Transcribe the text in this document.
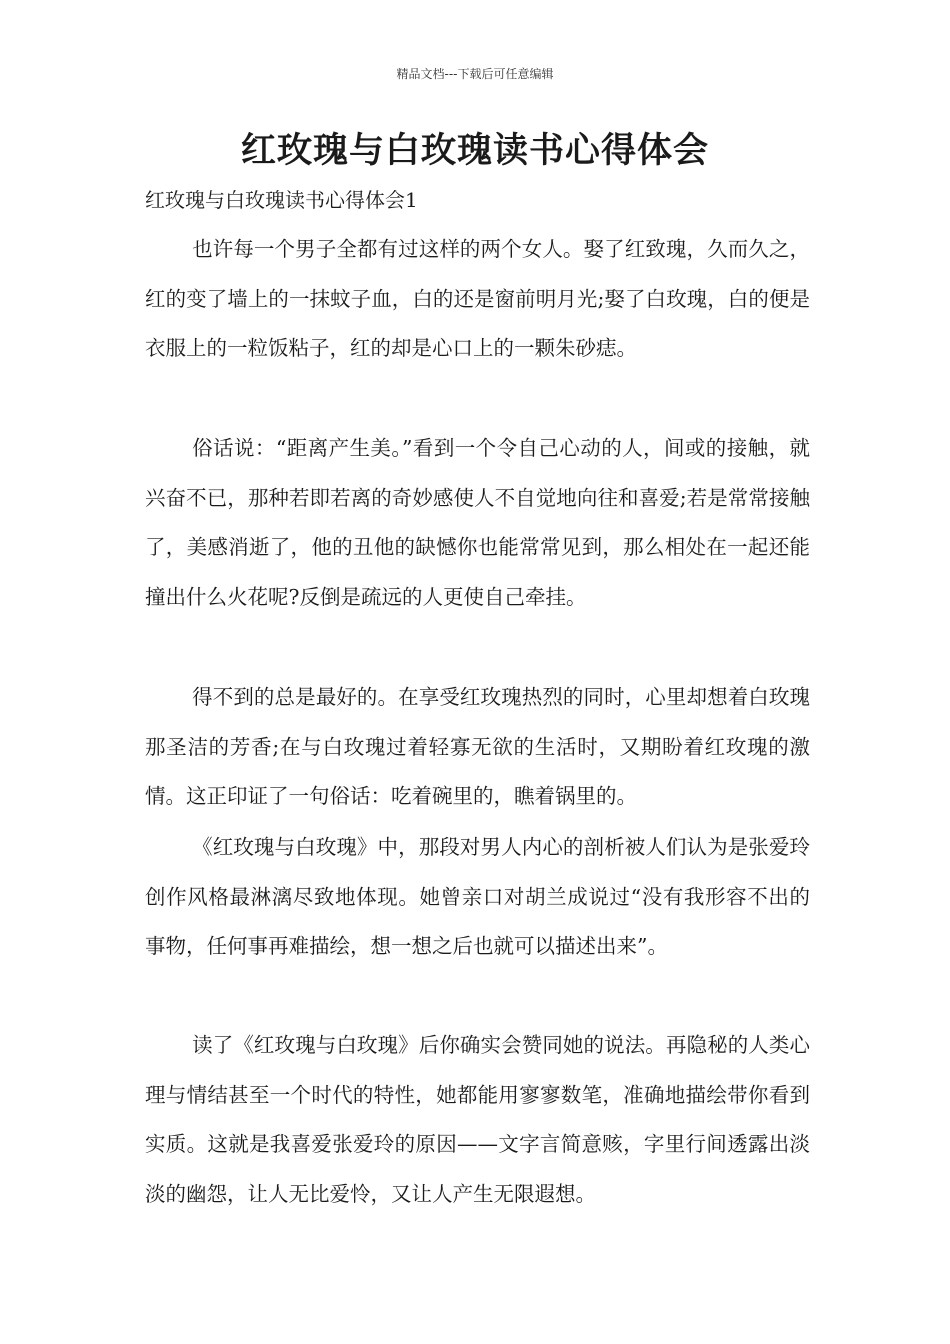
精品文档---下载后可任意编辑
红玫瑰与白玫瑰读书心得体会
红玫瑰与白玫瑰读书心得体会1

也许每一个男子全都有过这样的两个女人。娶了红致瑰，久而久之，红的变了墙上的一抹蚊子血，白的还是窗前明月光;娶了白玫瑰，白的便是衣服上的一粒饭粘子，红的却是心口上的一颗朱砂痣。

俗话说：“距离产生美。”看到一个令自己心动的人，间或的接触，就兴奋不已，那种若即若离的奇妙感使人不自觉地向往和喜爱;若是常常接触了，美感消逝了，他的丑他的缺憾你也能常常见到，那么相处在一起还能撞出什么火花呢?反倒是疏远的人更使自己牵挂。

得不到的总是最好的。在享受红玫瑰热烈的同时，心里却想着白玫瑰那圣洁的芳香;在与白玫瑰过着轻寡无欲的生活时，又期盼着红玫瑰的激情。这正印证了一句俗话：吃着碗里的，瞧着锅里的。

《红玫瑰与白玫瑰》中，那段对男人内心的剖析被人们认为是张爱玲创作风格最淋漓尽致地体现。她曾亲口对胡兰成说过“没有我形容不出的事物，任何事再难描绘，想一想之后也就可以描述出来”。

读了《红玫瑰与白玫瑰》后你确实会赞同她的说法。再隐秘的人类心理与情结甚至一个时代的特性，她都能用寥寥数笔，准确地描绘带你看到实质。这就是我喜爱张爱玲的原因——文字言简意赅，字里行间透露出淡淡的幽怨，让人无比爱怜，又让人产生无限遐想。
